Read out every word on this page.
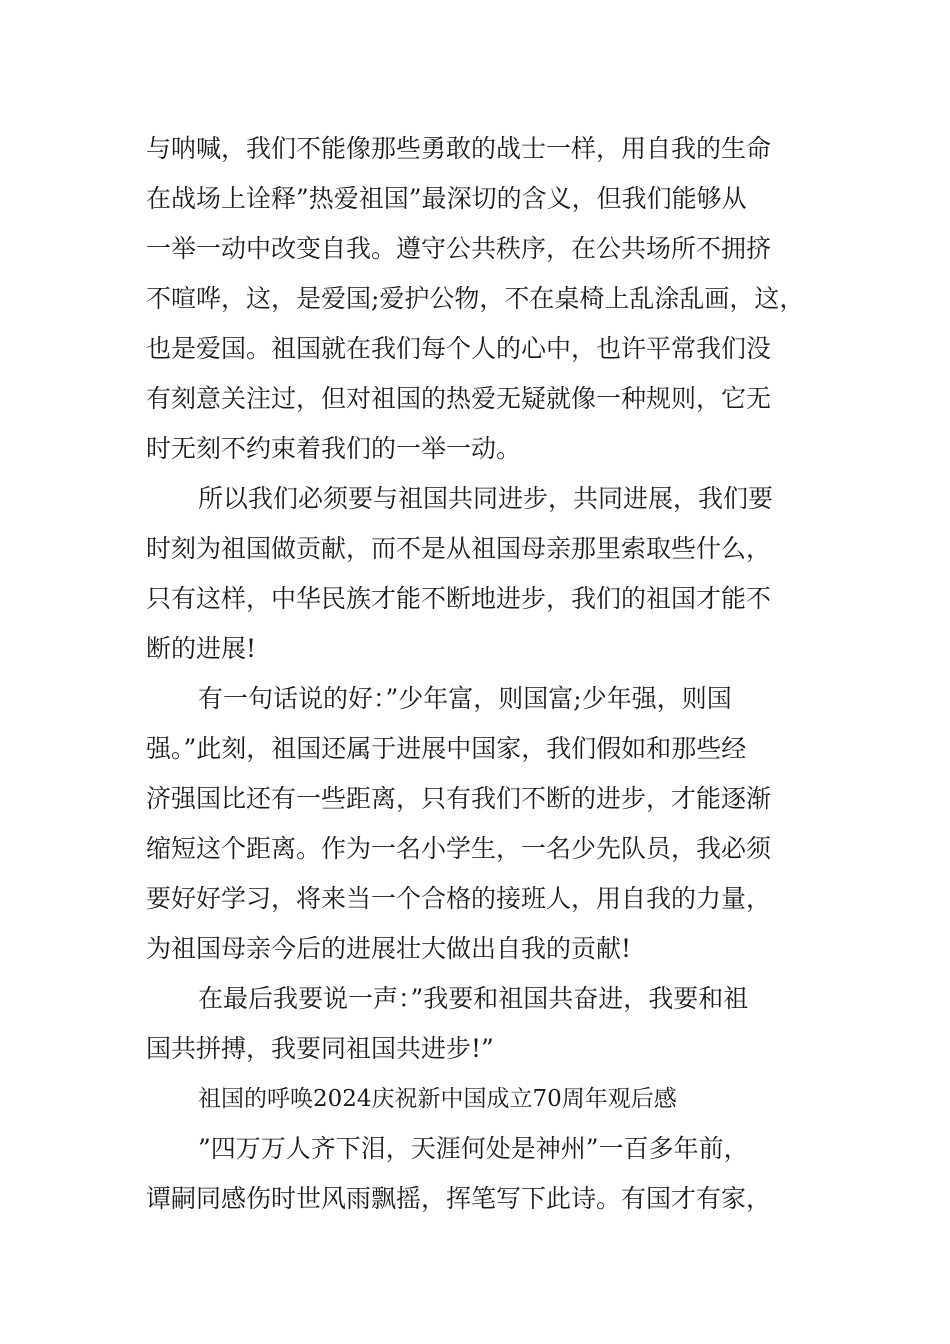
与呐喊，我们不能像那些勇敢的战士一样，用自我的生命
在战场上诠释”热爱祖国”最深切的含义，但我们能够从
一举一动中改变自我。遵守公共秩序，在公共场所不拥挤
不喧哗，这，是爱国;爱护公物，不在桌椅上乱涂乱画，这，
也是爱国。祖国就在我们每个人的心中，也许平常我们没
有刻意关注过，但对祖国的热爱无疑就像一种规则，它无
时无刻不约束着我们的一举一动。
所以我们必须要与祖国共同进步，共同进展，我们要
时刻为祖国做贡献，而不是从祖国母亲那里索取些什么，
只有这样，中华民族才能不断地进步，我们的祖国才能不
断的进展!
有一句话说的好：”少年富，则国富;少年强，则国
强。”此刻，祖国还属于进展中国家，我们假如和那些经
济强国比还有一些距离，只有我们不断的进步，才能逐渐
缩短这个距离。作为一名小学生，一名少先队员，我必须
要好好学习，将来当一个合格的接班人，用自我的力量，
为祖国母亲今后的进展壮大做出自我的贡献!
在最后我要说一声：”我要和祖国共奋进，我要和祖
国共拼搏，我要同祖国共进步!”
祖国的呼唤2024庆祝新中国成立70周年观后感
”四万万人齐下泪，天涯何处是神州”一百多年前，
谭嗣同感伤时世风雨飘摇，挥笔写下此诗。有国才有家，
